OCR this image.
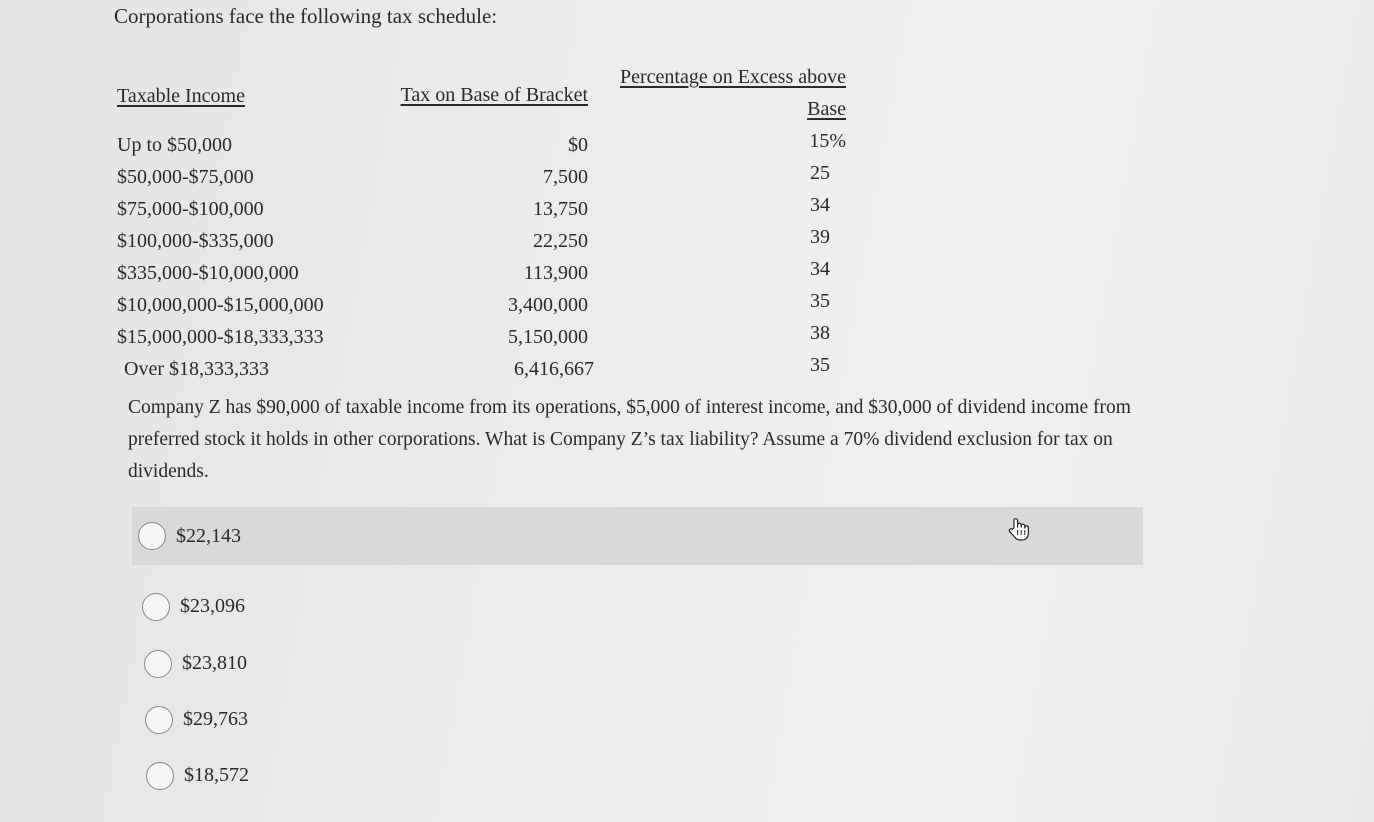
Corporations face the following tax schedule:
Taxable Income	Tax on Base of Bracket
Percentage on Excess above
Base
Up to $50,000	$0	15%
$50,000-$75,000	7,500	25
$75,000-$100,000	13,750	34
$100,000-$335,000	22,250	39
$335,000-$10,000,000	113,900	34
$10,000,000-$15,000,000	3,400,000	35
$15,000,000-$18,333,333	5,150,000	38
Over $18,333,333	6,416,667	35
Company Z has $90,000 of taxable income from its operations, $5,000 of interest income, and $30,000 of dividend income from preferred stock it holds in other corporations. What is Company Z’s tax liability? Assume a 70% dividend exclusion for tax on dividends.
$22,143
$23,096
$23,810
$29,763
$18,572
